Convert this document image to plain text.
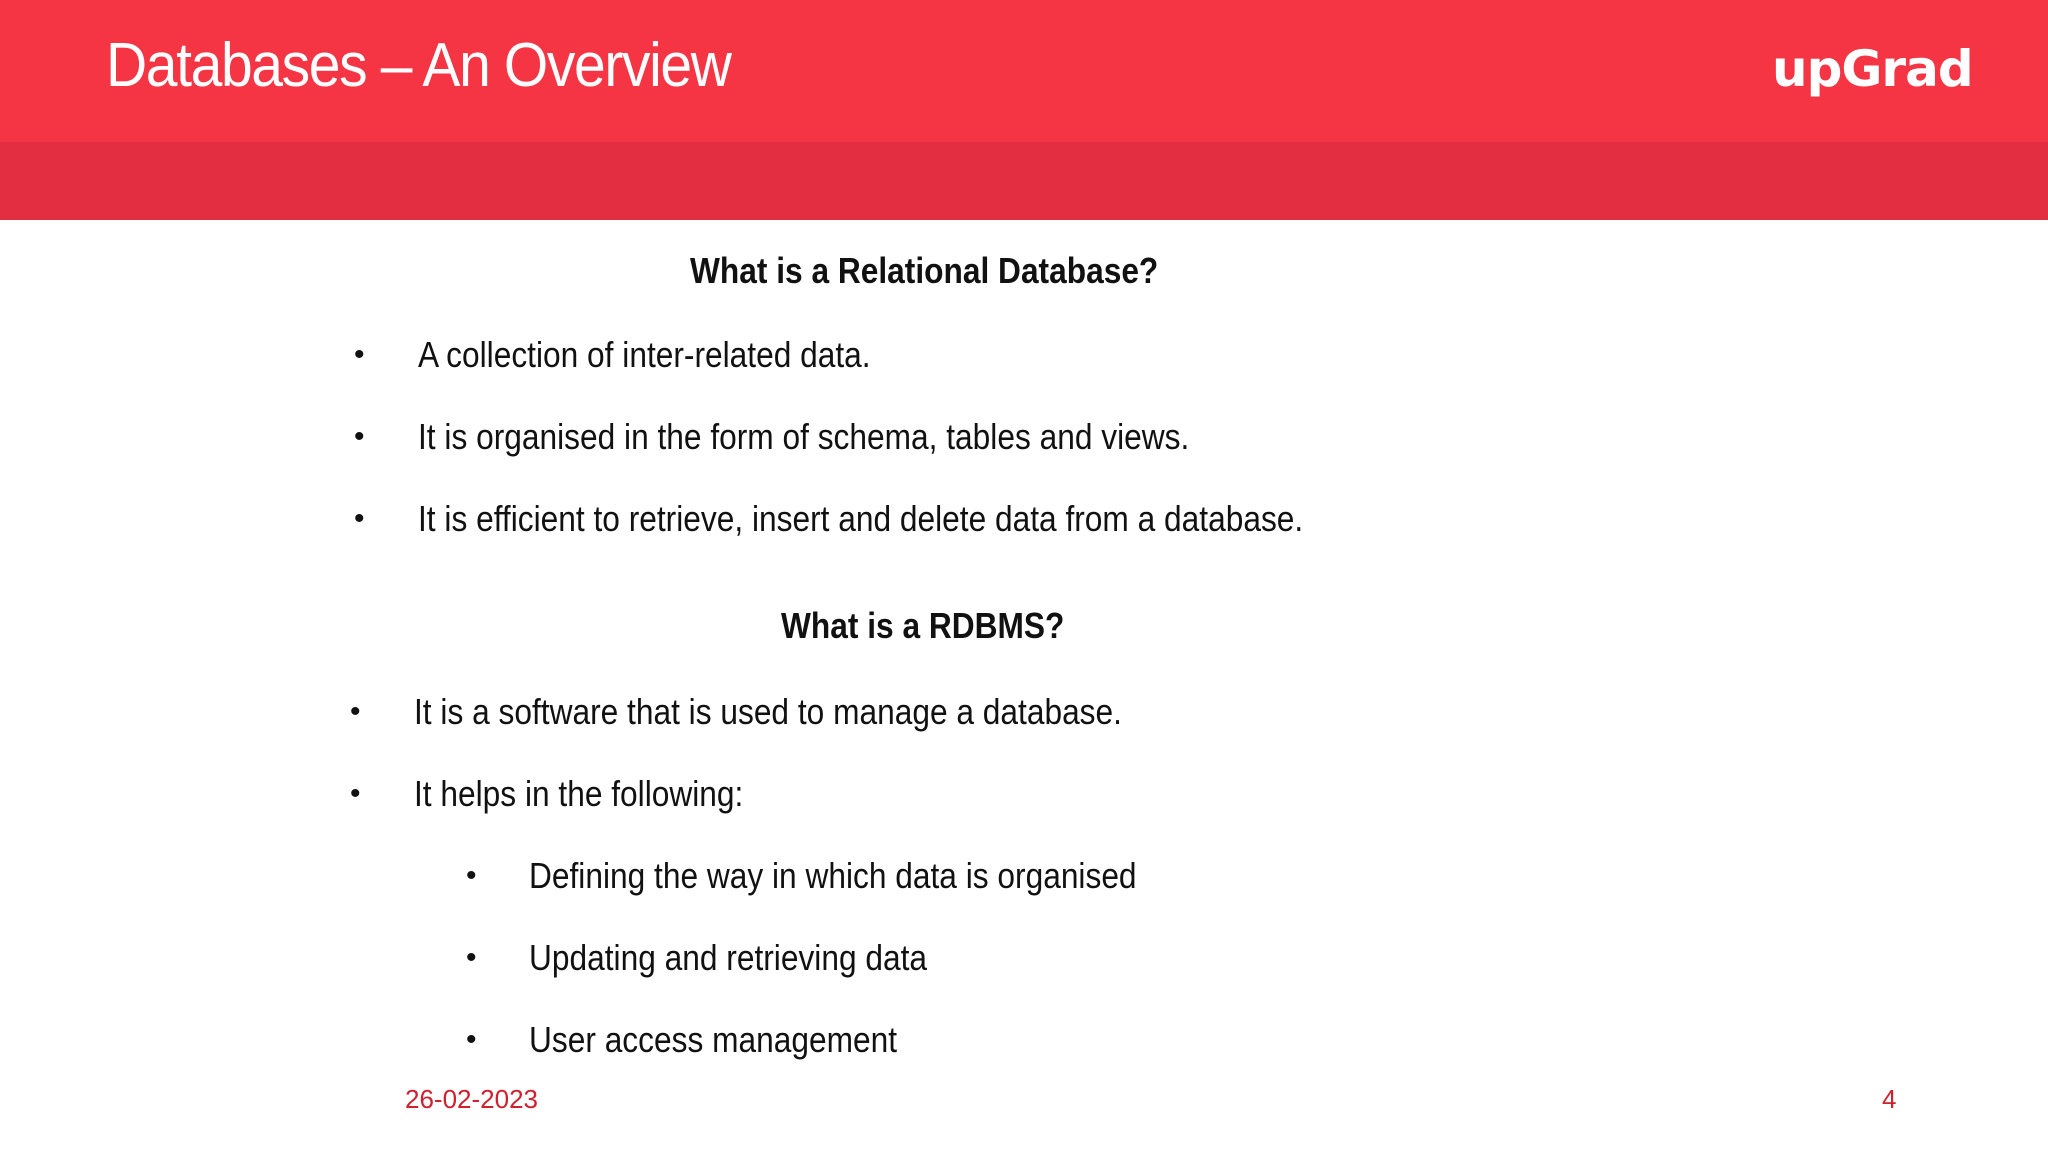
Databases – An Overview	upGrad
What is a Relational Database?
• A collection of inter-related data.
• It is organised in the form of schema, tables and views.
• It is efficient to retrieve, insert and delete data from a database.
What is a RDBMS?
• It is a software that is used to manage a database.
• It helps in the following:
• Defining the way in which data is organised
• Updating and retrieving data
• User access management
26-02-2023	4
